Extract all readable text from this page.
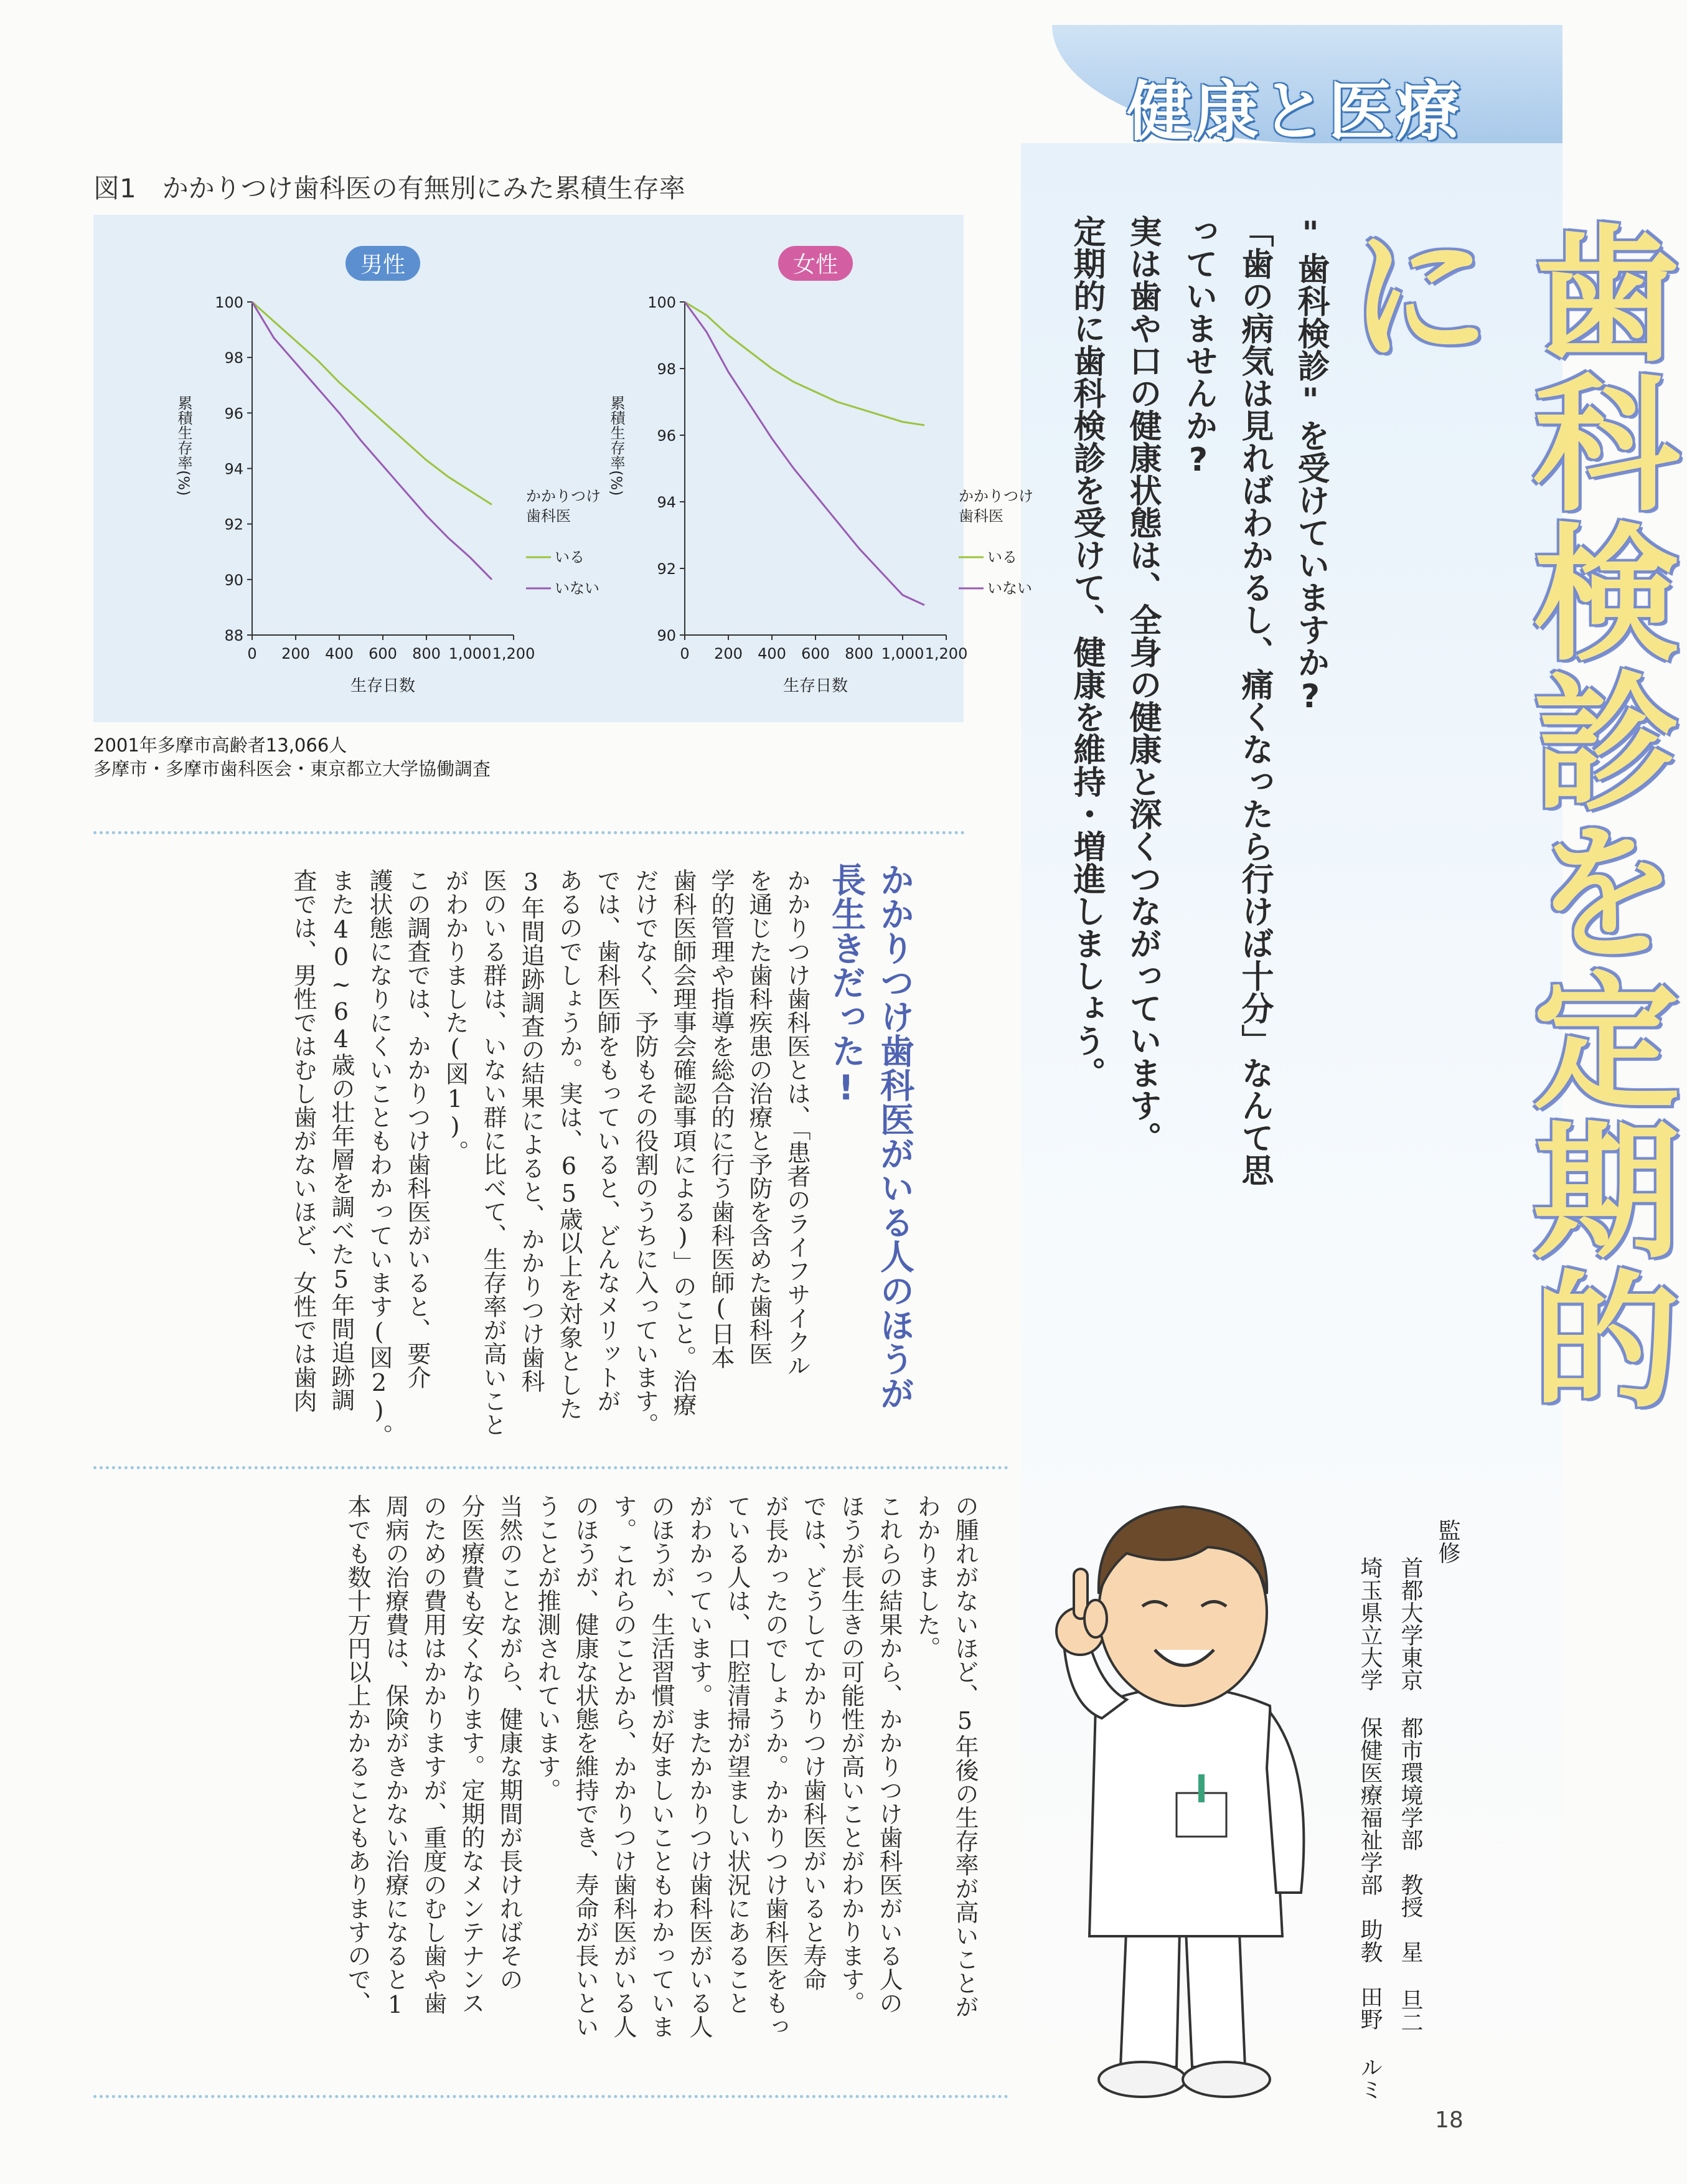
健康と医療
歯科検診を定期的に
"歯科検診"を受けていますか?
「歯の病気は見ればわかるし、痛くなったら行けば十分」なんて思っていませんか?
実は歯や口の健康状態は、全身の健康と深くつながっています。
定期的に歯科検診を受けて、健康を維持・増進しましょう。
図1　かかりつけ歯科医の有無別にみた累積生存率
男性
100
98
96
94
92
90
88
0 200 400 600 800 1,000 1,200
累積生存率(%)
生存日数
かかりつけ
歯科医
いる
いない
女性
100
98
96
94
92
90
0 200 400 600 800 1,000 1,200
累積生存率(%)
生存日数
かかりつけ
歯科医
いる
いない
2001年多摩市高齢者13,066人
多摩市・多摩市歯科医会・東京都立大学協働調査
かかりつけ歯科医がいる人のほうが
長生きだった!
かかりつけ歯科医とは、「患者のライフサイクル
を通じた歯科疾患の治療と予防を含めた歯科医
学的管理や指導を総合的に行う歯科医師(日本
歯科医師会理事会確認事項による)」のこと。治療
だけでなく、予防もその役割のうちに入っています。
では、歯科医師をもっていると、どんなメリットが
あるのでしょうか。実は、65歳以上を対象とした
3年間追跡調査の結果によると、かかりつけ歯科
医のいる群は、いない群に比べて、生存率が高いこと
がわかりました(図1)。
この調査では、かかりつけ歯科医がいると、要介
護状態になりにくいこともわかっています(図2)。
また40~64歳の壮年層を調べた5年間追跡調
査では、男性ではむし歯がないほど、女性では歯肉
の腫れがないほど、5年後の生存率が高いことが
わかりました。
これらの結果から、かかりつけ歯科医がいる人の
ほうが長生きの可能性が高いことがわかります。
では、どうしてかかりつけ歯科医がいると寿命
が長かったのでしょうか。かかりつけ歯科医をもっ
ている人は、口腔清掃が望ましい状況にあること
がわかっています。またかかりつけ歯科医がいる人
のほうが、生活習慣が好ましいこともわかっていま
す。これらのことから、かかりつけ歯科医がいる人
のほうが、健康な状態を維持でき、寿命が長いとい
うことが推測されています。
当然のことながら、健康な期間が長ければその
分医療費も安くなります。定期的なメンテナンス
のための費用はかかりますが、重度のむし歯や歯
周病の治療費は、保険がきかない治療になると1
本でも数十万円以上かかることもありますので、	監修
首都大学東京 都市環境学部　教授　星 旦二
埼玉県立大学 保健医療福祉学部　助教　田野 ルミ
18
